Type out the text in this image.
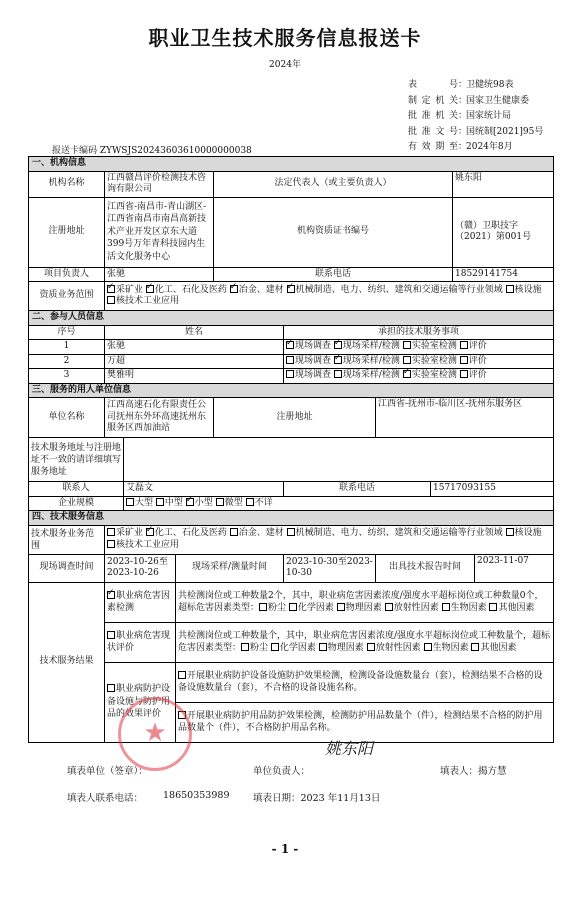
职业卫生技术服务信息报送卡
2024年
表　　号 ：
卫健统98表
制定机关 ：
国家卫生健康委
批准机关 ：
国家统计局
批准文号 ：
国统制[2021]95号
有效期至 ：
2024年8月
报送卡编码 ZYWSJS20243603610000000038
一、机构信息									
机构名称	江西赣昌评价检测技术咨询有限公司			法定代表人（或主要负责人）				姚东阳	
注册地址	江西省-南昌市-青山湖区-江西省南昌市南昌高新技术产业开发区京东大道399号万年青科技园内生活文化服务中心			机构资质证书编号				（赣）卫职技字（2021）第001号	
项目负责人	张驰			联系电话				18529141754	
资质业务范围	✓采矿业 ✓ 化工、石化及医药 ✓ 冶金、建材 ✓ 机械制造、电力、纺织、建筑和交通运输等行业领域 核设施 核技术工业应用
二、参与人员信息									
序号	姓名				承担的技术服务事项				
1	张驰	✓现场调查 ✓ 现场采样/检测 实验室检测 评价
2	万超				现场调查 ✓ 现场采样/检测 实验室检测 评价
3	樊雅明				现场调查 现场采样/检测 ✓ 实验室检测 评价
三、服务的用人单位信息									
单位名称	江西高速石化有限责任公司抚州东外环高速抚州东服务区西加油站			注册地址		江西省-抚州市-临川区-抚州东服务区			
技术服务地址与注册地址不一致的请详细填写服务地址									
联系人		艾磊文			联系电话		15717093155		
企业规模		大型 中型 ✓ 小型 微型 不详
四、技术服务信息									
技术服务业务范围	采矿业 ✓ 化工、石化及医药 冶金、建材 机械制造、电力、纺织、建筑和交通运输等行业领域 核设施 核技术工业应用
现场调查时间	2023-10-26至2023-10-26		现场采样/测量时间		2023-10-30至2023-10-30	出具技术报告时间			2023-11-07
技术服务结果	✓职业病危害因素检测		共检测岗位或工种数量2个，其中，职业病危害因素浓度/强度水平超标岗位或工种数量0个，超标危害因素类型： 粉尘 化学因素 物理因素 放射性因素 生物因素 其他因素						
	职业病危害现状评价		共检测岗位或工种数量个，其中，职业病危害因素浓度/强度水平超标岗位或工种数量个，超标危害因素类型： 粉尘 化学因素 物理因素 放射性因素 生物因素 其他因素						
	职业病防护设备设施与防护用品的效果评价		开展职业病防护设备设施防护效果检测，检测设备设施数量台（套），检测结果不合格的设备设施数量台（套），不合格的设备设施名称。						
			开展职业病防护用品防护效果检测，检测防护用品数量个（件），检测结果不合格的防护用品数量个（件），不合格防护用品名称。						
填表单位（签章）：	单位负责人：	填表人：揭方慧
填表人联系电话： 18650353989 填表日期：2023 年11月13日
★
姚东阳
- 1 -
